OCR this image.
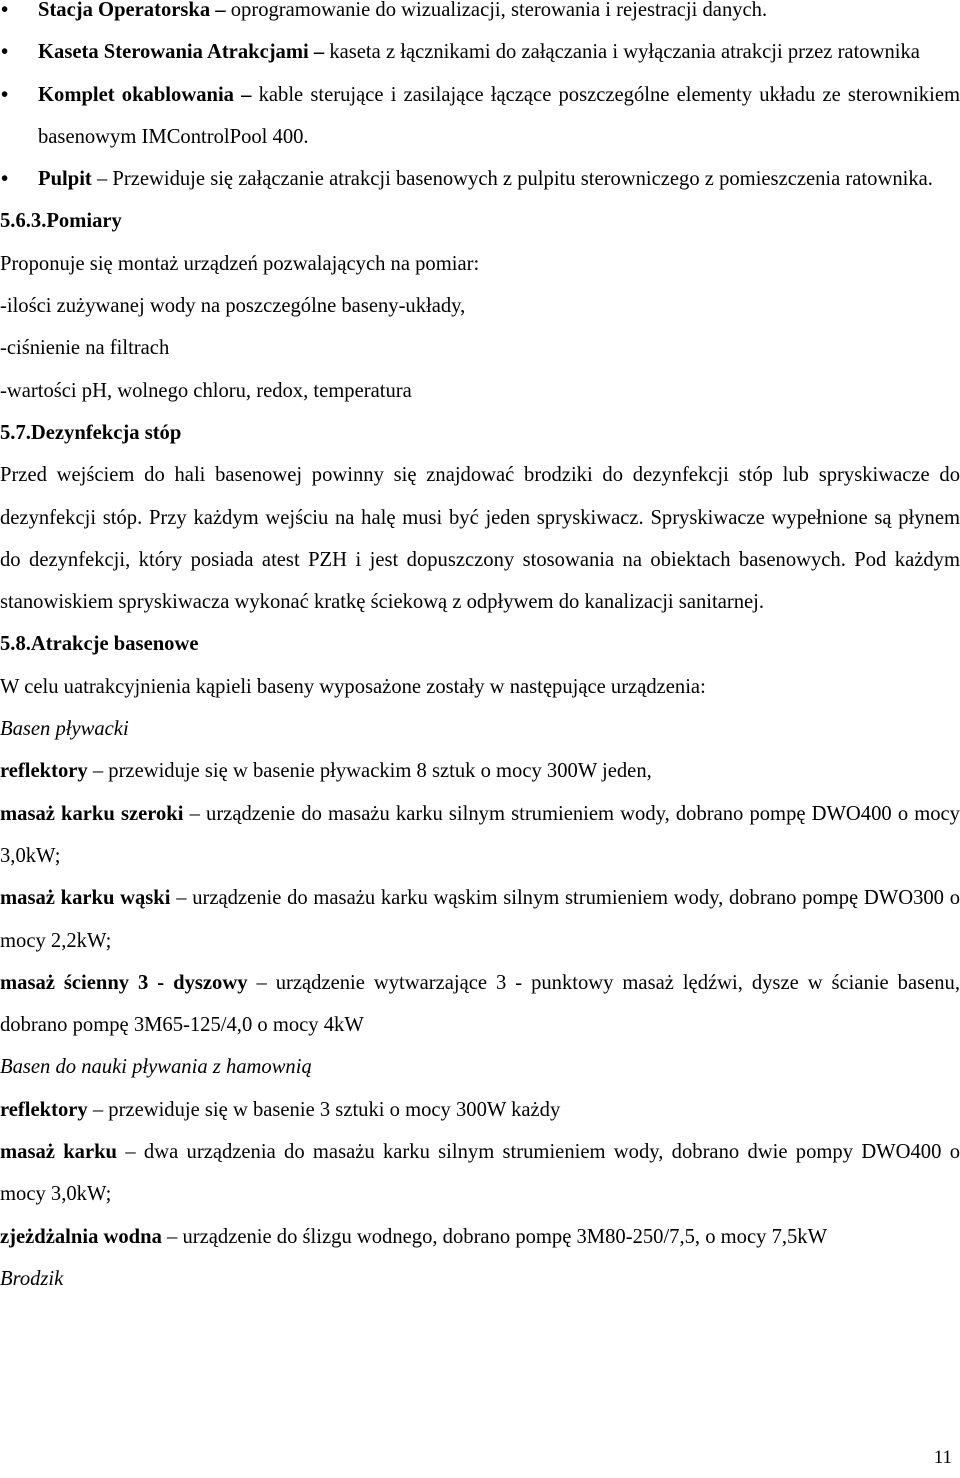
• Stacja Operatorska – oprogramowanie do wizualizacji, sterowania i rejestracji danych.
• Kaseta Sterowania Atrakcjami – kaseta z łącznikami do załączania i wyłączania atrakcji przez ratownika
• Komplet okablowania – kable sterujące i zasilające łączące poszczególne elementy układu ze sterownikiem basenowym IMControlPool 400.
• Pulpit – Przewiduje się załączanie atrakcji basenowych z pulpitu sterowniczego z pomieszczenia ratownika.
5.6.3.Pomiary
Proponuje się montaż urządzeń pozwalających na pomiar:
-ilości zużywanej wody na poszczególne baseny-układy,
-ciśnienie na filtrach
-wartości pH, wolnego chloru, redox, temperatura
5.7.Dezynfekcja stóp
Przed wejściem do hali basenowej powinny się znajdować brodziki do dezynfekcji stóp lub spryskiwacze do dezynfekcji stóp. Przy każdym wejściu na halę musi być jeden spryskiwacz. Spryskiwacze wypełnione są płynem do dezynfekcji, który posiada atest PZH i jest dopuszczony stosowania na obiektach basenowych. Pod każdym stanowiskiem spryskiwacza wykonać kratkę ściekową z odpływem do kanalizacji sanitarnej.
5.8.Atrakcje basenowe
W celu uatrakcyjnienia kąpieli baseny wyposażone zostały w następujące urządzenia:
Basen pływacki
reflektory – przewiduje się w basenie pływackim 8 sztuk o mocy 300W jeden,
masaż karku szeroki – urządzenie do masażu karku silnym strumieniem wody, dobrano pompę DWO400 o mocy 3,0kW;
masaż karku wąski – urządzenie do masażu karku wąskim silnym strumieniem wody, dobrano pompę DWO300 o mocy 2,2kW;
masaż ścienny 3 - dyszowy – urządzenie wytwarzające 3 - punktowy masaż lędźwi, dysze w ścianie basenu, dobrano pompę 3M65-125/4,0 o mocy 4kW
Basen do nauki pływania z hamownią
reflektory – przewiduje się w basenie 3 sztuki o mocy 300W każdy
masaż karku – dwa urządzenia do masażu karku silnym strumieniem wody, dobrano dwie pompy DWO400 o mocy 3,0kW;
zjeżdżalnia wodna – urządzenie do ślizgu wodnego, dobrano pompę 3M80-250/7,5, o mocy 7,5kW
Brodzik
11
